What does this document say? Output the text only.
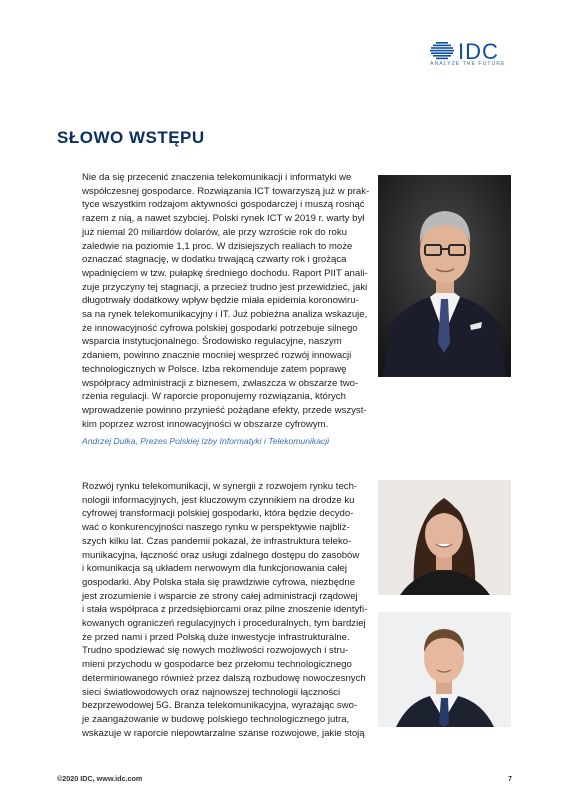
IDC
ANALYZE THE FUTURE
SŁOWO WSTĘPU
Nie da się przecenić znaczenia telekomunikacji i informatyki we
współczesnej gospodarce. Rozwiązania ICT towarzyszą już w prak-
tyce wszystkim rodzajom aktywności gospodarczej i muszą rosnąć
razem z nią, a nawet szybciej. Polski rynek ICT w 2019 r. warty był
już niemal 20 miliardów dolarów, ale przy wzroście rok do roku
zaledwie na poziomie 1,1 proc. W dzisiejszych realiach to może
oznaczać stagnację, w dodatku trwającą czwarty rok i grożąca
wpadnięciem w tzw. pułapkę średniego dochodu. Raport PIIT anali-
zuje przyczyny tej stagnacji, a przecież trudno jest przewidzieć, jaki
długotrwały dodatkowy wpływ będzie miała epidemia koronowiru-
sa na rynek telekomunikacyjny i IT. Już pobieżna analiza wskazuje,
że innowacyjność cyfrowa polskiej gospodarki potrzebuje silnego
wsparcia instytucjonalnego. Środowisko regulacyjne, naszym
zdaniem, powinno znacznie mocniej wesprzeć rozwój innowacji
technologicznych w Polsce. Izba rekomenduje zatem poprawę
współpracy administracji z biznesem, zwłaszcza w obszarze two-
rzenia regulacji. W raporcie proponujemy rozwiązania, których
wprowadzenie powinno przynieść pożądane efekty, przede wszyst-
kim poprzez wzrost innowacyjności w obszarze cyfrowym.
Andrzej Dulka, Prezes Polskiej Izby Informatyki i Telekomunikacji
Rozwój rynku telekomunikacji, w synergii z rozwojem rynku tech-
nologii informacyjnych, jest kluczowym czynnikiem na drodze ku
cyfrowej transformacji polskiej gospodarki, która będzie decydo-
wać o konkurencyjności naszego rynku w perspektywie najbliż-
szych kilku lat. Czas pandemii pokazał, że infrastruktura teleko-
munikacyjna, łączność oraz usługi zdalnego dostępu do zasobów
i komunikacja są układem nerwowym dla funkcjonowania całej
gospodarki. Aby Polska stała się prawdziwie cyfrowa, niezbędne
jest zrozumienie i wsparcie ze strony całej administracji rządowej
i stała współpraca z przedsiębiorcami oraz pilne znoszenie identyfi-
kowanych ograniczeń regulacyjnych i proceduralnych, tym bardziej
że przed nami i przed Polską duże inwestycje infrastrukturalne.
Trudno spodziewać się nowych możliwości rozwojowych i stru-
mieni przychodu w gospodarce bez przełomu technologicznego
determinowanego również przez dalszą rozbudowę nowoczesnych
sieci światłowodowych oraz najnowszej technologii łączności
bezprzewodowej 5G. Branża telekomunikacyjna, wyrażając swo-
je zaangażowanie w budowę polskiego technologicznego jutra,
wskazuje w raporcie niepowtarzalne szanse rozwojowe, jakie stoją
©2020 IDC, www.idc.com	7
